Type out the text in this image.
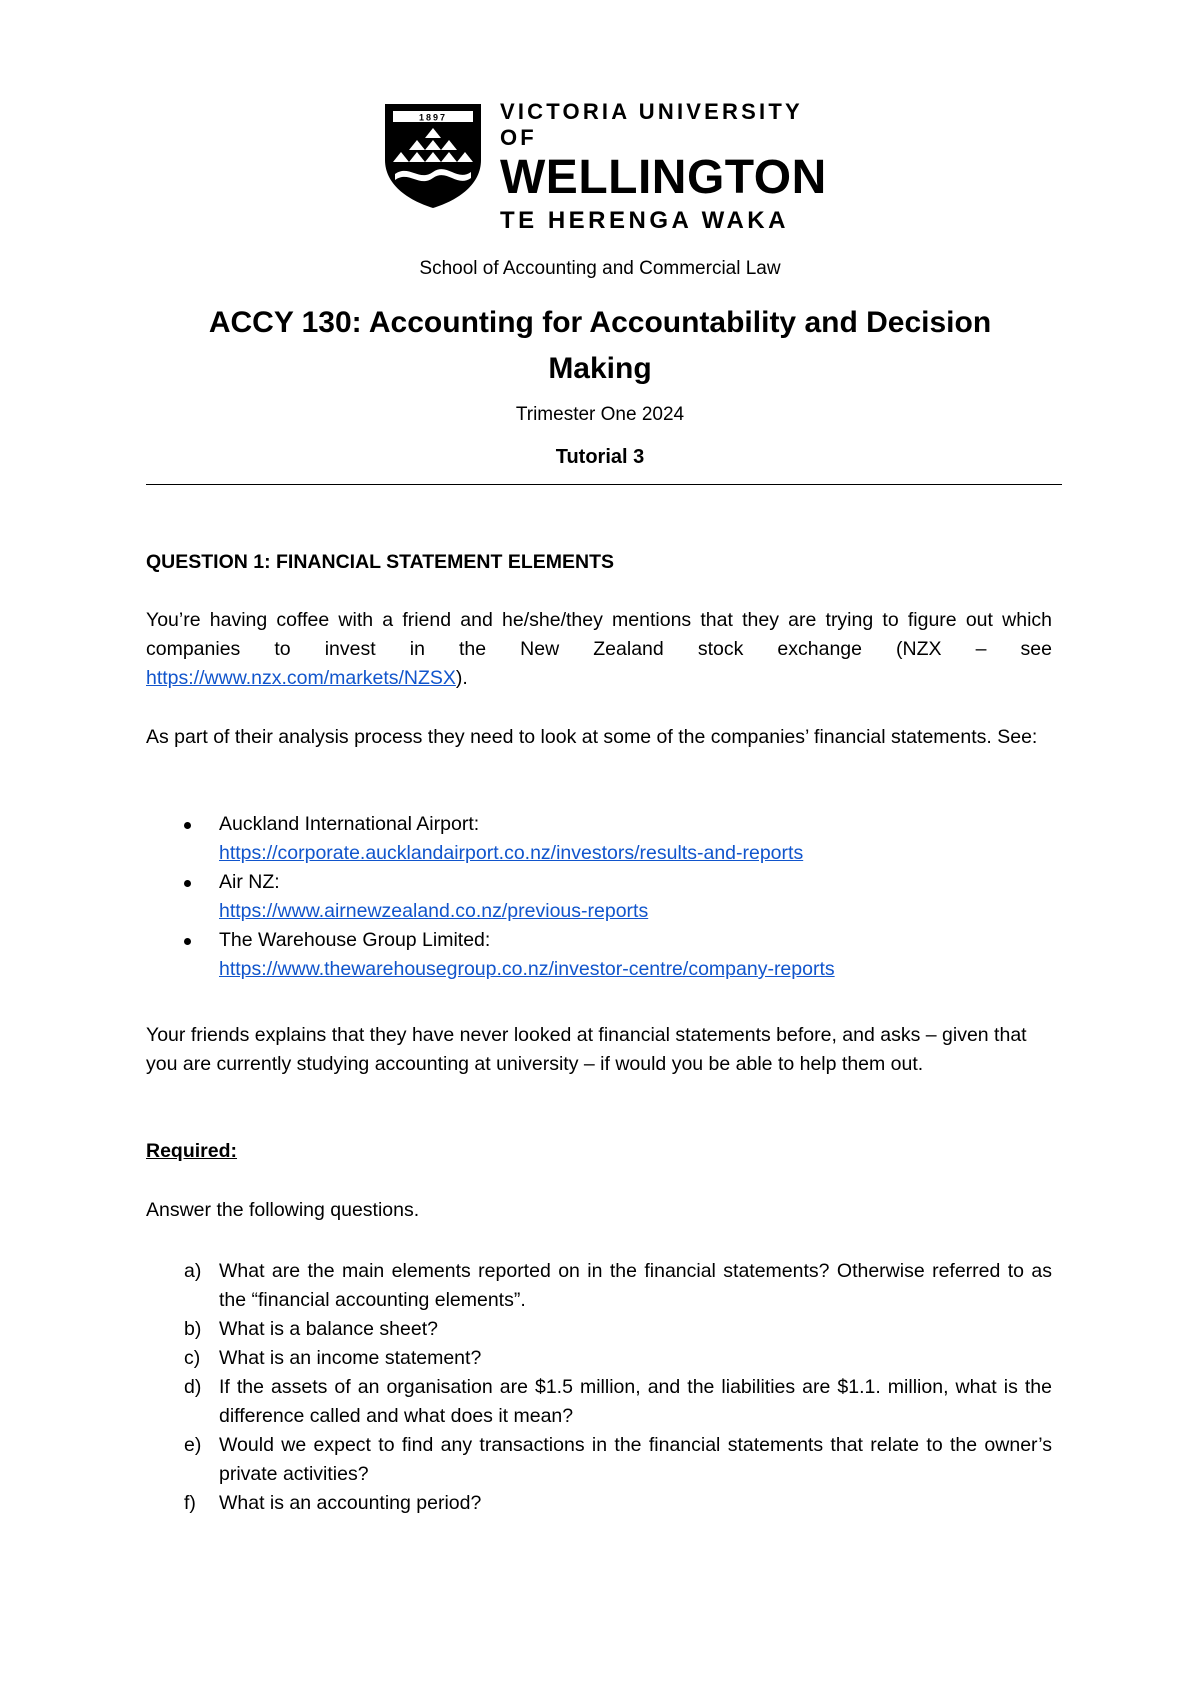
1897 VICTORIA UNIVERSITY OF
WELLINGTON
TE HERENGA WAKA
School of Accounting and Commercial Law
ACCY 130: Accounting for Accountability and Decision
Making
Trimester One 2024
Tutorial 3
QUESTION 1: FINANCIAL STATEMENT ELEMENTS
You’re having coffee with a friend and he/she/they mentions that they are trying to figure out which companies to invest in the New Zealand stock exchange (NZX – see https://www.nzx.com/markets/NZSX).
As part of their analysis process they need to look at some of the companies’ financial statements. See:
Auckland International Airport:
https://corporate.aucklandairport.co.nz/investors/results-and-reports
Air NZ:
https://www.airnewzealand.co.nz/previous-reports
The Warehouse Group Limited:
https://www.thewarehousegroup.co.nz/investor-centre/company-reports
Your friends explains that they have never looked at financial statements before, and asks – given that you are currently studying accounting at university – if would you be able to help them out.
Required:
Answer the following questions.
a) What are the main elements reported on in the financial statements? Otherwise referred to as the “financial accounting elements”.
b) What is a balance sheet?
c) What is an income statement?
d) If the assets of an organisation are $1.5 million, and the liabilities are $1.1. million, what is the difference called and what does it mean?
e) Would we expect to find any transactions in the financial statements that relate to the owner’s private activities?
f) What is an accounting period?
